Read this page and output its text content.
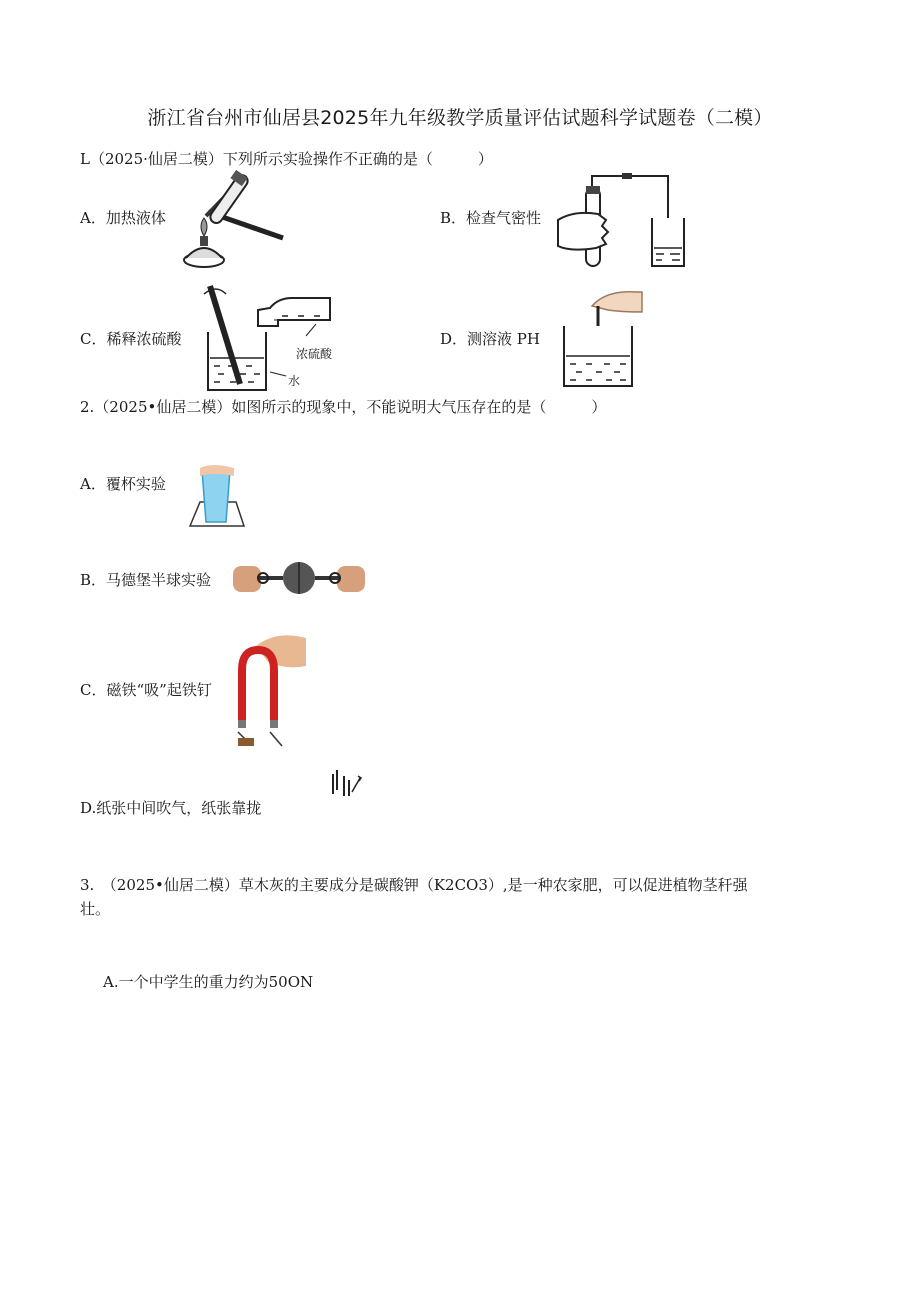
浙江省台州市仙居县2025年九年级教学质量评估试题科学试题卷（二模）
L（2025·仙居二模）下列所示实验操作不正确的是（　　　）
A．加热液体	B．检查气密性
C．稀释浓硫酸
浓硫酸
水
D．测溶液 PH
2.（2025•仙居二模）如图所示的现象中，不能说明大气压存在的是（　　　）
A．覆杯实验
B．马德堡半球实验
C．磁铁“吸”起铁钉
D.纸张中间吹气，纸张靠拢
3.　（2025•仙居二模）草木灰的主要成分是碳酸钾（K2CO3）,是一种农家肥，可以促进植物茎秆强
壮。
A.一个中学生的重力约为50ON
